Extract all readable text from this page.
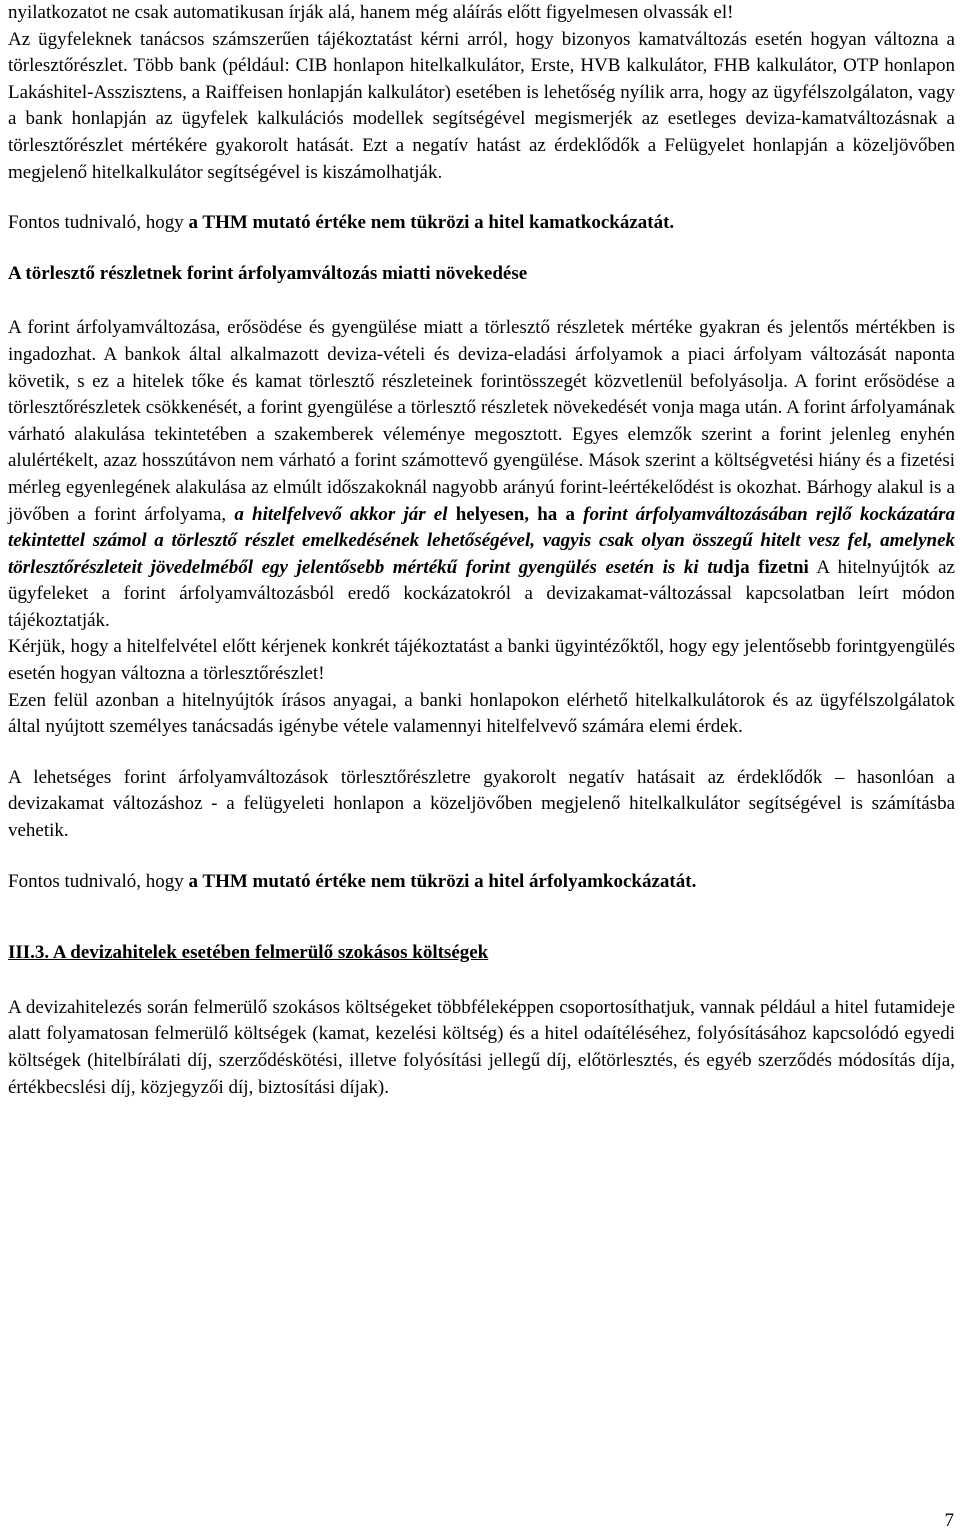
nyilatkozatot ne csak automatikusan írják alá, hanem még aláírás előtt figyelmesen olvassák el!

Az ügyfeleknek tanácsos számszerűen tájékoztatást kérni arról, hogy bizonyos kamatváltozás esetén hogyan változna a törlesztőrészlet. Több bank (például: CIB honlapon hitelkalkulátor, Erste, HVB kalkulátor, FHB kalkulátor, OTP honlapon Lakáshitel-Asszisztens, a Raiffeisen honlapján kalkulátor) esetében is lehetőség nyílik arra, hogy az ügyfélszolgálaton, vagy a bank honlapján az ügyfelek kalkulációs modellek segítségével megismerjék az esetleges deviza-kamatváltozásnak a törlesztőrészlet mértékére gyakorolt hatását. Ezt a negatív hatást az érdeklődők a Felügyelet honlapján a közeljövőben megjelenő hitelkalkulátor segítségével is kiszámolhatják.

Fontos tudnivaló, hogy a THM mutató értéke nem tükrözi a hitel kamatkockázatát.

A törlesztő részletnek forint árfolyamváltozás miatti növekedése

A forint árfolyamváltozása, erősödése és gyengülése miatt a törlesztő részletek mértéke gyakran és jelentős mértékben is ingadozhat. A bankok által alkalmazott deviza-vételi és deviza-eladási árfolyamok a piaci árfolyam változását naponta követik, s ez a hitelek tőke és kamat törlesztő részleteinek forintösszegét közvetlenül befolyásolja. A forint erősödése a törlesztőrészletek csökkenését, a forint gyengülése a törlesztő részletek növekedését vonja maga után. A forint árfolyamának várható alakulása tekintetében a szakemberek véleménye megosztott. Egyes elemzők szerint a forint jelenleg enyhén alulértékelt, azaz hosszútávon nem várható a forint számottevő gyengülése. Mások szerint a költségvetési hiány és a fizetési mérleg egyenlegének alakulása az elmúlt időszakoknál nagyobb arányú forint-leértékelődést is okozhat. Bárhogy alakul is a jövőben a forint árfolyama, a hitelfelvevő akkor jár el helyesen, ha a forint árfolyamváltozásában rejlő kockázatára tekintettel számol a törlesztő részlet emelkedésének lehetőségével, vagyis csak olyan összegű hitelt vesz fel, amelynek törlesztőrészleteit jövedelméből egy jelentősebb mértékű forint gyengülés esetén is ki tudja fizetni A hitelnyújtók az ügyfeleket a forint árfolyamváltozásból eredő kockázatokról a devizakamat-változással kapcsolatban leírt módon tájékoztatják.

Kérjük, hogy a hitelfelvétel előtt kérjenek konkrét tájékoztatást a banki ügyintézőktől, hogy egy jelentősebb forintgyengülés esetén hogyan változna a törlesztőrészlet!

Ezen felül azonban a hitelnyújtók írásos anyagai, a banki honlapokon elérhető hitelkalkulátorok és az ügyfélszolgálatok által nyújtott személyes tanácsadás igénybe vétele valamennyi hitelfelvevő számára elemi érdek.

A lehetséges forint árfolyamváltozások törlesztőrészletre gyakorolt negatív hatásait az érdeklődők – hasonlóan a devizakamat változáshoz - a felügyeleti honlapon a közeljövőben megjelenő hitelkalkulátor segítségével is számításba vehetik.

Fontos tudnivaló, hogy a THM mutató értéke nem tükrözi a hitel árfolyamkockázatát.

III.3. A devizahitelek esetében felmerülő szokásos költségek

A devizahitelezés során felmerülő szokásos költségeket többféleképpen csoportosíthatjuk, vannak például a hitel futamideje alatt folyamatosan felmerülő költségek (kamat, kezelési költség) és a hitel odaítéléséhez, folyósításához kapcsolódó egyedi költségek (hitelbírálati díj, szerződéskötési, illetve folyósítási jellegű díj, előtörlesztés, és egyéb szerződés módosítás díja, értékbecslési díj, közjegyzői díj, biztosítási díjak).

7
